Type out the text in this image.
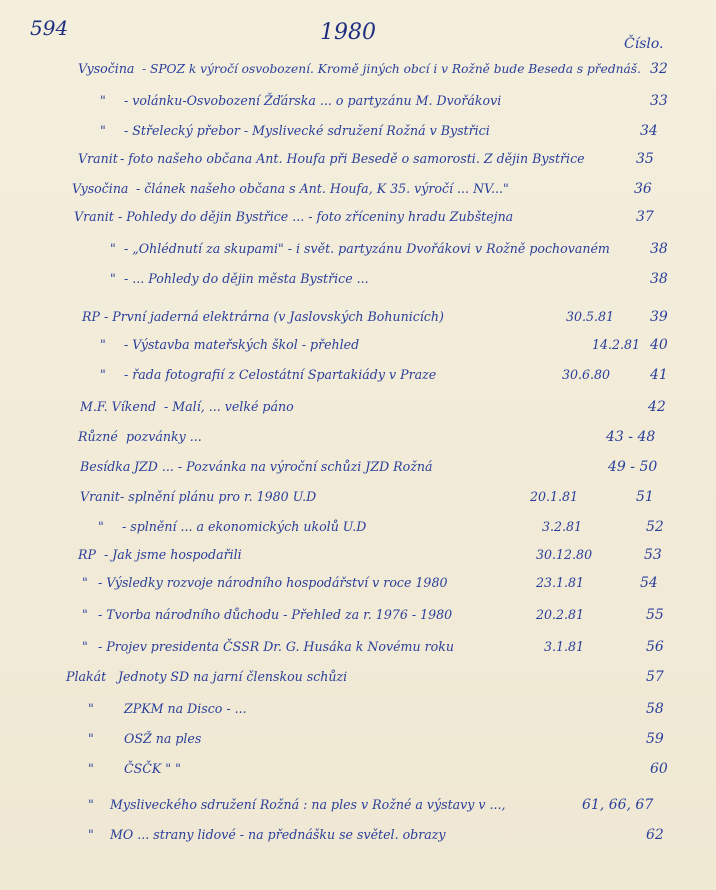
594	1980	Číslo.
Vysočina - SPOZ k výročí osvobození. Kromě jiných obcí i v Rožně bude Beseda s přednáš. 32
" - volánku-Osvobození Žďárska ... o partyzánu M. Dvořákovi	33
" - Střelecký přebor - Myslivecké sdružení Rožná v Bystřici	34
Vranit - foto našeho občana Ant. Houfa při Besedě o samorosti. Z dějin Bystřice	35
Vysočina - článek našeho občana s Ant. Houfa, K 35. výročí ... NV..."	36
Vranit - Pohledy do dějin Bystřice ... - foto zříceniny hradu Zubštejna	37
" - „Ohlédnutí za skupami" - i svět. partyzánu Dvořákovi v Rožně pochovaném	38
" - ... Pohledy do dějin města Bystřice ...	38
RP - První jaderná elektrárna (v Jaslovských Bohunicích)	30.5.81	39
" - Výstavba mateřských škol - přehled	14.2.81 40
" - řada fotografií z Celostátní Spartakiády v Praze	30.6.80	41
M.F. Víkend - Malí, ... velké páno	42
Různé pozvánky ...	43 - 48
Besídka JZD ... - Pozvánka na výroční schůzi JZD Rožná	49 - 50
Vranit - splnění plánu pro r. 1980 U.D	20.1.81	51
" - splnění ... a ekonomických ukolů U.D	3.2.81	52
RP - Jak jsme hospodařili	30.12.80	53
" - Výsledky rozvoje národního hospodářství v roce 1980	23.1.81	54
" - Tvorba národního důchodu - Přehled za r. 1976 - 1980	20.2.81	55
" - Projev presidenta ČSSR Dr. G. Husáka k Novému roku	3.1.81	56
Plakát Jednoty SD na jarní členskou schůzi	57
" ZPKM na Disco - ...	58
" OSŽ na ples	59
" ČSČK " "	60
" Mysliveckého sdružení Rožná : na ples v Rožné a výstavy v ...,	61, 66, 67
" MO ... strany lidové - na přednášku se světel. obrazy	62
